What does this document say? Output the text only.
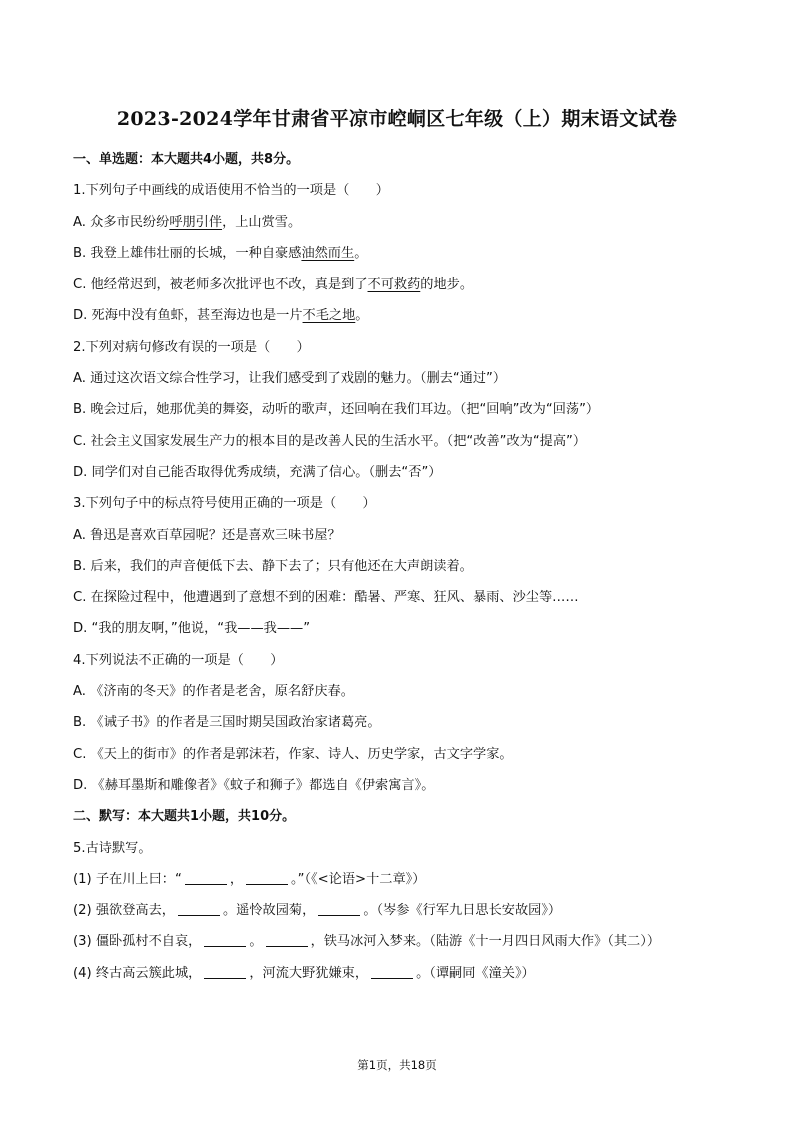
2023-2024学年甘肃省平凉市崆峒区七年级（上）期末语文试卷
一、单选题：本大题共4小题，共8分。
1.下列句子中画线的成语使用不恰当的一项是（　　）
A. 众多市民纷纷呼朋引伴，上山赏雪。
B. 我登上雄伟壮丽的长城，一种自豪感油然而生。
C. 他经常迟到，被老师多次批评也不改，真是到了不可救药的地步。
D. 死海中没有鱼虾，甚至海边也是一片不毛之地。
2.下列对病句修改有误的一项是（　　）
A. 通过这次语文综合性学习，让我们感受到了戏剧的魅力。（删去“通过”）
B. 晚会过后，她那优美的舞姿，动听的歌声，还回响在我们耳边。（把“回响”改为“回荡”）
C. 社会主义国家发展生产力的根本目的是改善人民的生活水平。（把“改善”改为“提高”）
D. 同学们对自己能否取得优秀成绩，充满了信心。（删去“否”）
3.下列句子中的标点符号使用正确的一项是（　　）
A. 鲁迅是喜欢百草园呢？还是喜欢三味书屋？
B. 后来，我们的声音便低下去、静下去了；只有他还在大声朗读着。
C. 在探险过程中，他遭遇到了意想不到的困难：酷暑、严寒、狂风、暴雨、沙尘等……
D. “我的朋友啊，”他说，“我——我——”
4.下列说法不正确的一项是（　　）
A. 《济南的冬天》的作者是老舍，原名舒庆春。
B. 《诫子书》的作者是三国时期吴国政治家诸葛亮。
C. 《天上的街市》的作者是郭沫若，作家、诗人、历史学家，古文字学家。
D. 《赫耳墨斯和雕像者》《蚊子和狮子》都选自《伊索寓言》。
二、默写：本大题共1小题，共10分。
5.古诗默写。
(1) 子在川上曰：“	，	。”（《<论语>十二章》）
(2) 强欲登高去，	。遥怜故园菊，	。（岑参《行军九日思长安故园》）
(3) 僵卧孤村不自哀，	。	，铁马冰河入梦来。（陆游《十一月四日风雨大作》（其二））
(4) 终古高云簇此城，	，河流大野犹嫌束，	。（谭嗣同《潼关》）
第1页，共18页
